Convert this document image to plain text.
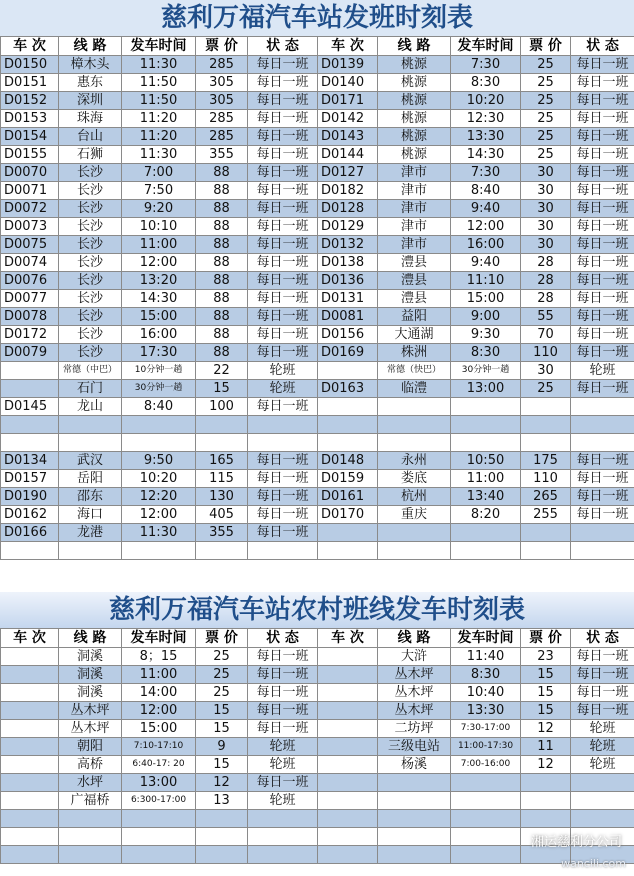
慈利万福汽车站发班时刻表
车 次	线 路	发车时间	票 价	状 态	车 次	线 路	发车时间	票 价	状 态
D0150	樟木头	11:30	285	每日一班	D0139	桃源	7:30	25	每日一班
D0151	惠东	11:50	305	每日一班	D0140	桃源	8:30	25	每日一班
D0152	深圳	11:50	305	每日一班	D0171	桃源	10:20	25	每日一班
D0153	珠海	11:20	285	每日一班	D0142	桃源	12:30	25	每日一班
D0154	台山	11:20	285	每日一班	D0143	桃源	13:30	25	每日一班
D0155	石狮	11:30	355	每日一班	D0144	桃源	14:30	25	每日一班
D0070	长沙	7:00	88	每日一班	D0127	津市	7:30	30	每日一班
D0071	长沙	7:50	88	每日一班	D0182	津市	8:40	30	每日一班
D0072	长沙	9:20	88	每日一班	D0128	津市	9:40	30	每日一班
D0073	长沙	10:10	88	每日一班	D0129	津市	12:00	30	每日一班
D0075	长沙	11:00	88	每日一班	D0132	津市	16:00	30	每日一班
D0074	长沙	12:00	88	每日一班	D0138	澧县	9:40	28	每日一班
D0076	长沙	13:20	88	每日一班	D0136	澧县	11:10	28	每日一班
D0077	长沙	14:30	88	每日一班	D0131	澧县	15:00	28	每日一班
D0078	长沙	15:00	88	每日一班	D0081	益阳	9:00	55	每日一班
D0172	长沙	16:00	88	每日一班	D0156	大通湖	9:30	70	每日一班
D0079	长沙	17:30	88	每日一班	D0169	株洲	8:30	110	每日一班
	常德（中巴）	10分钟一趟	22	轮班		常德（快巴）	30分钟一趟	30	轮班
	石门	30分钟一趟	15	轮班	D0163	临澧	13:00	25	每日一班
D0145	龙山	8:40	100	每日一班					

D0134	武汉	9:50	165	每日一班	D0148	永州	10:50	175	每日一班
D0157	岳阳	10:20	115	每日一班	D0159	娄底	11:00	110	每日一班
D0190	邵东	12:20	130	每日一班	D0161	杭州	13:40	265	每日一班
D0162	海口	12:00	405	每日一班	D0170	重庆	8:20	255	每日一班
D0166	龙港	11:30	355	每日一班					

慈利万福汽车站农村班线发车时刻表
车 次	线 路	发车时间	票 价	状 态	车 次	线 路	发车时间	票 价	状 态
	洞溪	8；15	25	每日一班		大浒	11:40	23	每日一班
	洞溪	11:00	25	每日一班		丛木坪	8:30	15	每日一班
	洞溪	14:00	25	每日一班		丛木坪	10:40	15	每日一班
	丛木坪	12:00	15	每日一班		丛木坪	13:30	15	每日一班
	丛木坪	15:00	15	每日一班		二坊坪	7:30-17:00	12	轮班
	朝阳	7:10-17:10	9	轮班		三级电站	11:00-17:30	11	轮班
	高桥	6:40-17: 20	15	轮班		杨溪	7:00-16:00	12	轮班
	水坪	13:00	12	每日一班					
	广福桥	6:300-17:00	13	轮班					

湘运慈利分公司
wancili.com
